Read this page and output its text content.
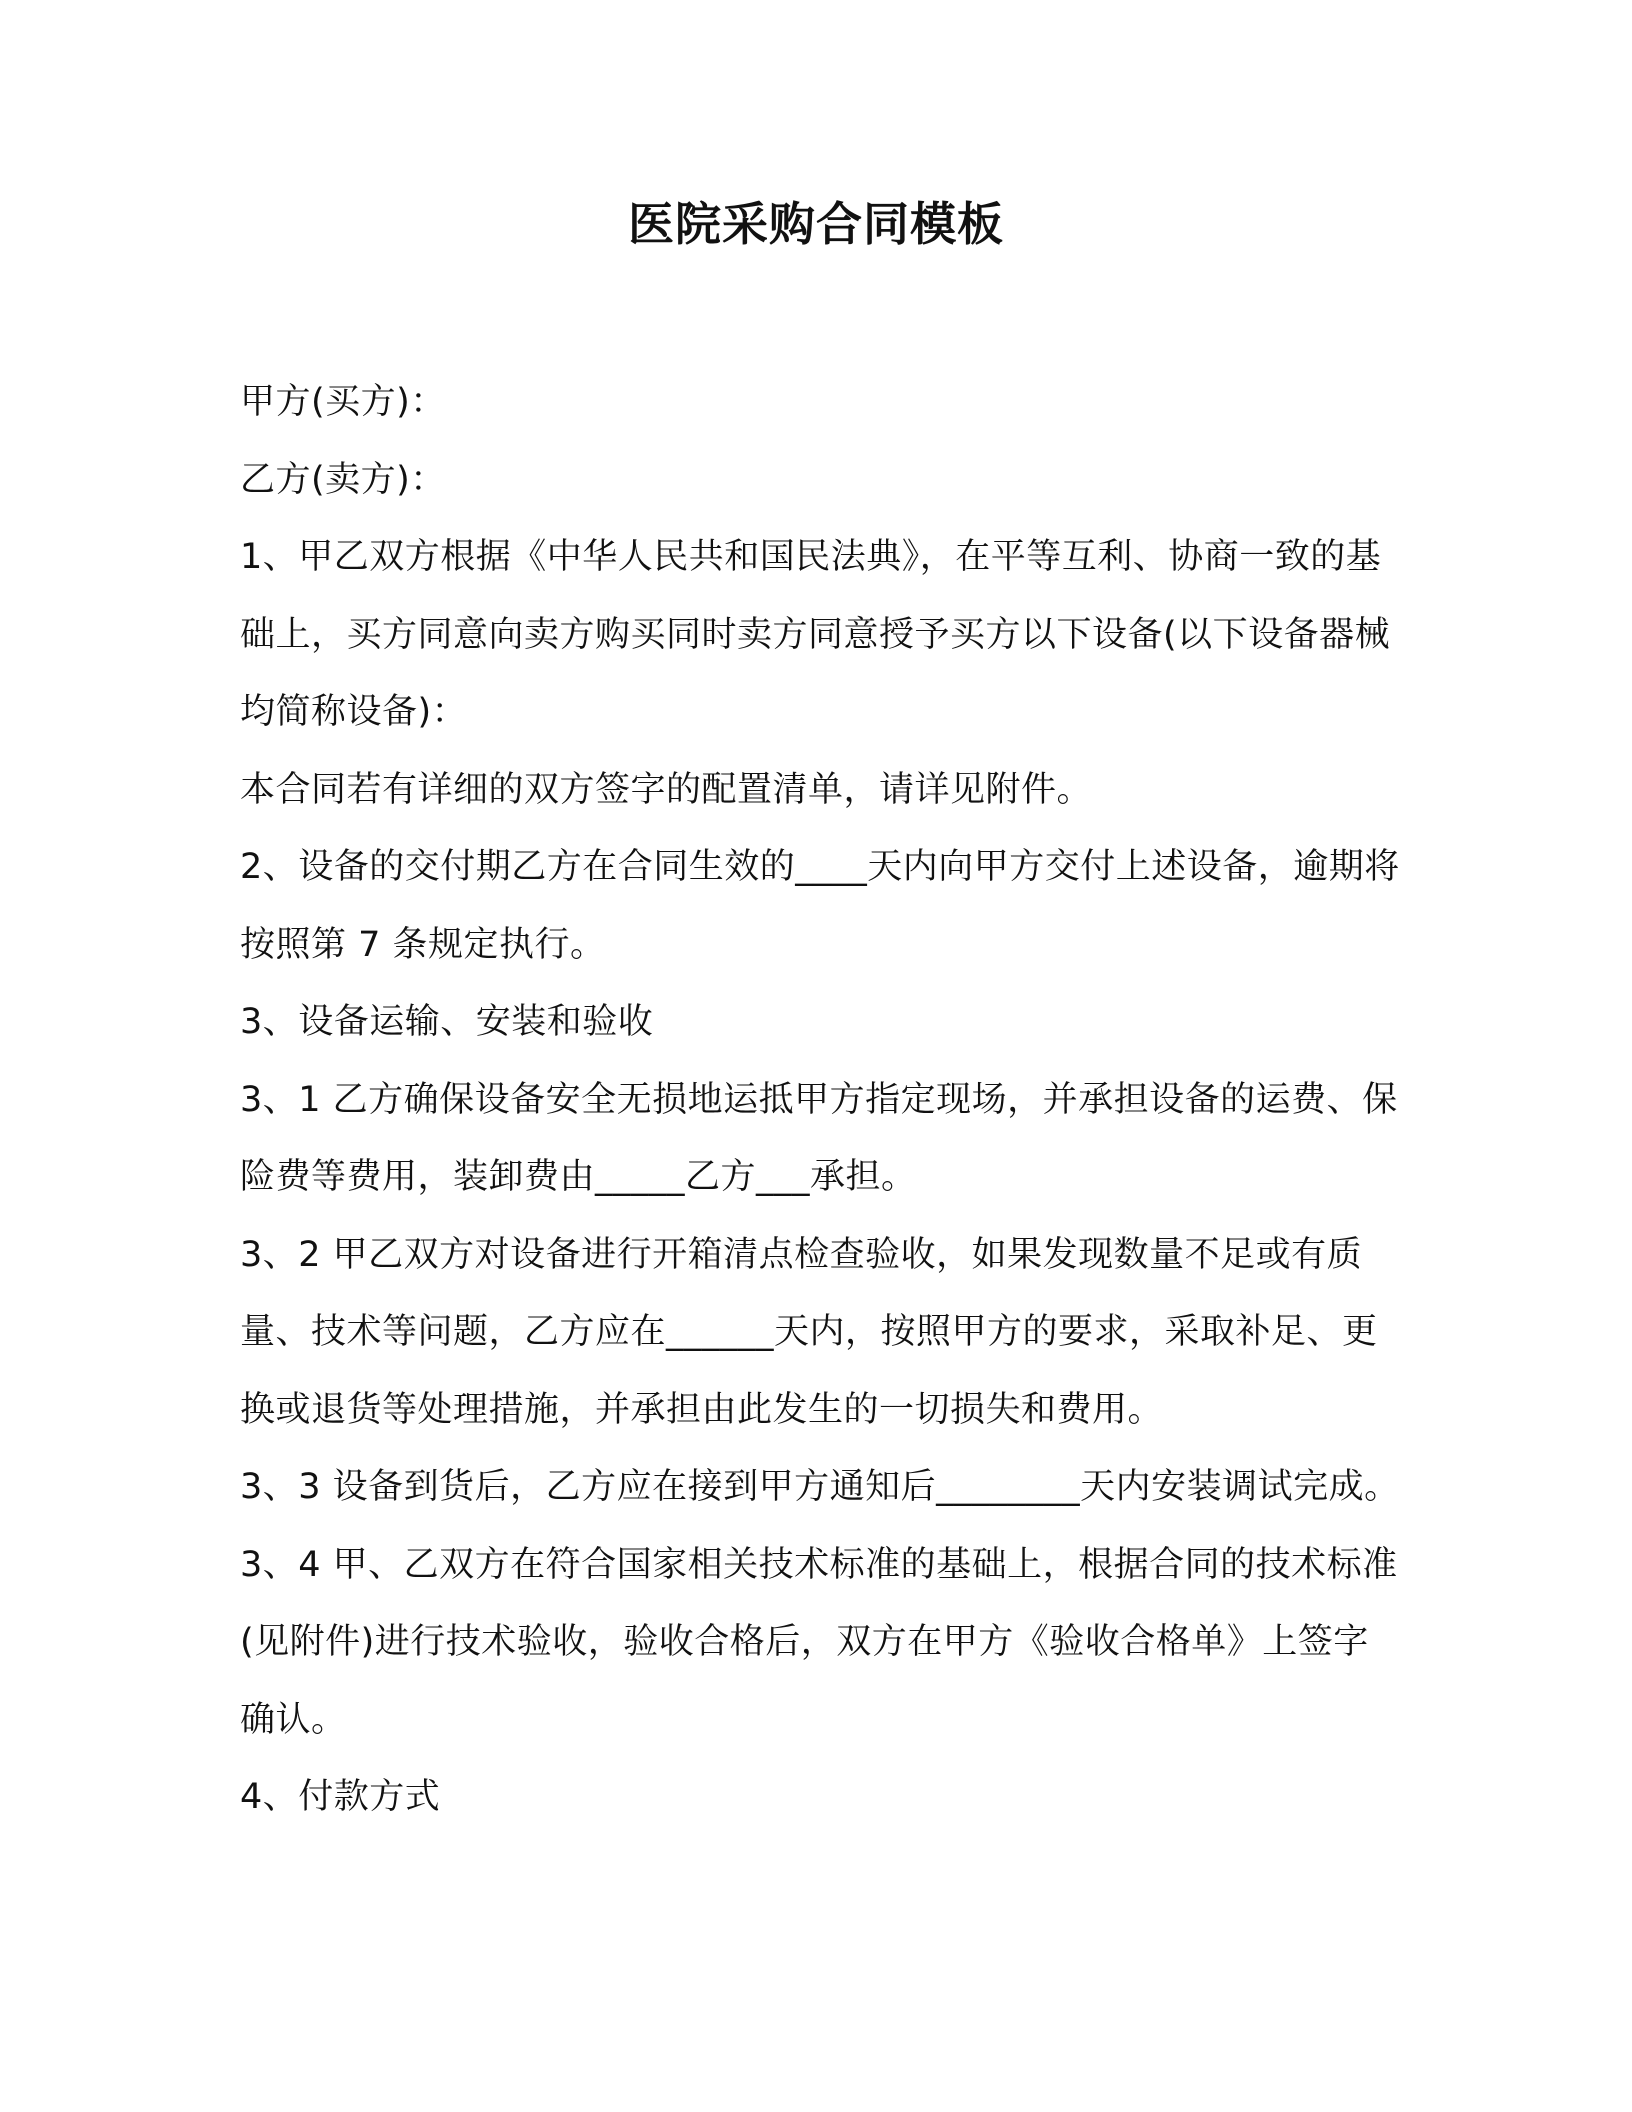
医院采购合同模板

甲方(买方)：

乙方(卖方)：

1、甲乙双方根据《中华人民共和国民法典》，在平等互利、协商一致的基础上，买方同意向卖方购买同时卖方同意授予买方以下设备(以下设备器械均简称设备)：

本合同若有详细的双方签字的配置清单，请详见附件。

2、设备的交付期乙方在合同生效的____天内向甲方交付上述设备，逾期将按照第 7 条规定执行。

3、设备运输、安装和验收

3、1 乙方确保设备安全无损地运抵甲方指定现场，并承担设备的运费、保险费等费用，装卸费由_____乙方___承担。

3、2 甲乙双方对设备进行开箱清点检查验收，如果发现数量不足或有质量、技术等问题，乙方应在______天内，按照甲方的要求，采取补足、更换或退货等处理措施，并承担由此发生的一切损失和费用。

3、3 设备到货后，乙方应在接到甲方通知后________天内安装调试完成。

3、4 甲、乙双方在符合国家相关技术标准的基础上，根据合同的技术标准(见附件)进行技术验收，验收合格后，双方在甲方《验收合格单》上签字确认。

4、付款方式
